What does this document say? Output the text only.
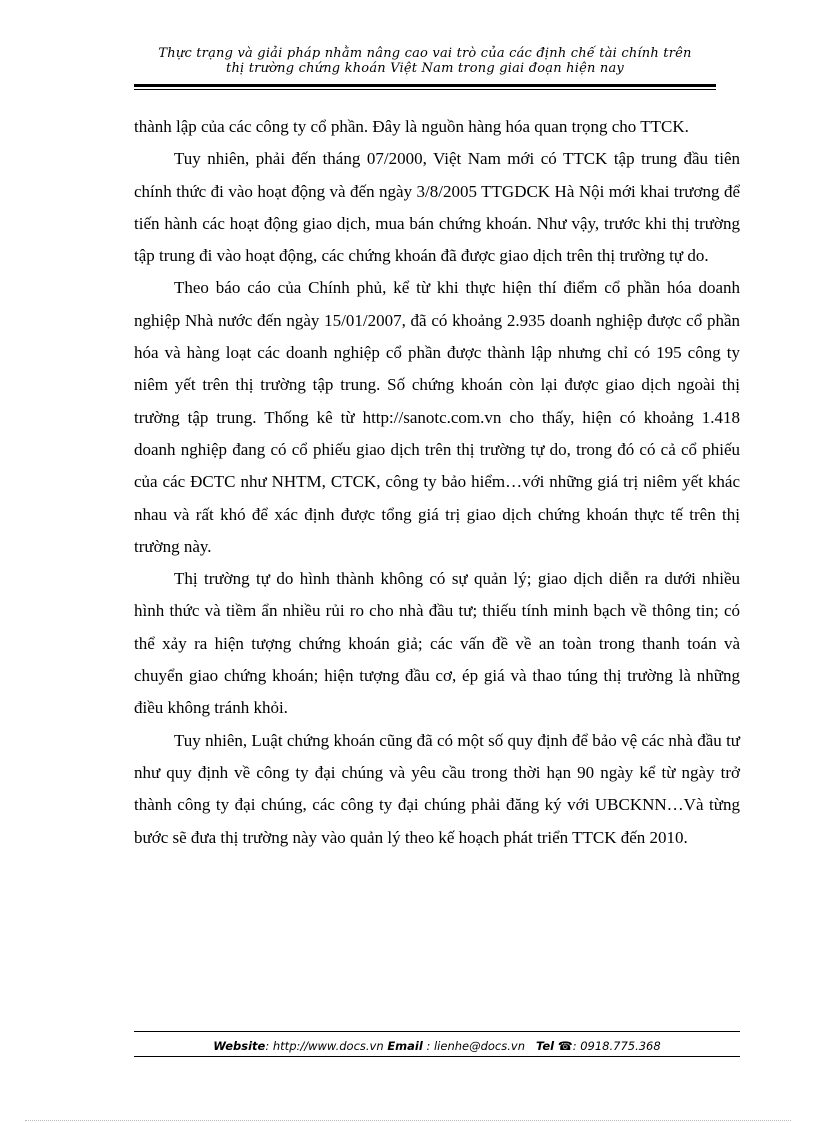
Thực trạng và giải pháp nhằm nâng cao vai trò của các định chế tài chính trên
thị trường chứng khoán Việt Nam trong giai đoạn hiện nay

thành lập của các công ty cổ phần. Đây là nguồn hàng hóa quan trọng cho TTCK.

Tuy nhiên, phải đến tháng 07/2000, Việt Nam mới có TTCK tập trung đầu tiên chính thức đi vào hoạt động và đến ngày 3/8/2005 TTGDCK Hà Nội mới khai trương để tiến hành các hoạt động giao dịch, mua bán chứng khoán. Như vậy, trước khi thị trường tập trung đi vào hoạt động, các chứng khoán đã được giao dịch trên thị trường tự do.

Theo báo cáo của Chính phủ, kể từ khi thực hiện thí điểm cổ phần hóa doanh nghiệp Nhà nước đến ngày 15/01/2007, đã có khoảng 2.935 doanh nghiệp được cổ phần hóa và hàng loạt các doanh nghiệp cổ phần được thành lập nhưng chỉ có 195 công ty niêm yết trên thị trường tập trung. Số chứng khoán còn lại được giao dịch ngoài thị trường tập trung. Thống kê từ http://sanotc.com.vn cho thấy, hiện có khoảng 1.418 doanh nghiệp đang có cổ phiếu giao dịch trên thị trường tự do, trong đó có cả cổ phiếu của các ĐCTC như NHTM, CTCK, công ty bảo hiểm…với những giá trị niêm yết khác nhau và rất khó để xác định được tổng giá trị giao dịch chứng khoán thực tế trên thị trường này.

Thị trường tự do hình thành không có sự quản lý; giao dịch diễn ra dưới nhiều hình thức và tiềm ẩn nhiều rủi ro cho nhà đầu tư; thiếu tính minh bạch về thông tin; có thể xảy ra hiện tượng chứng khoán giả; các vấn đề về an toàn trong thanh toán và chuyển giao chứng khoán; hiện tượng đầu cơ, ép giá và thao túng thị trường là những điều không tránh khỏi.

Tuy nhiên, Luật chứng khoán cũng đã có một số quy định để bảo vệ các nhà đầu tư như quy định về công ty đại chúng và yêu cầu trong thời hạn 90 ngày kể từ ngày trở thành công ty đại chúng, các công ty đại chúng phải đăng ký với UBCKNN…Và từng bước sẽ đưa thị trường này vào quản lý theo kế hoạch phát triển TTCK đến 2010.

Website: http://www.docs.vn Email : lienhe@docs.vn Tel ☎: 0918.775.368
